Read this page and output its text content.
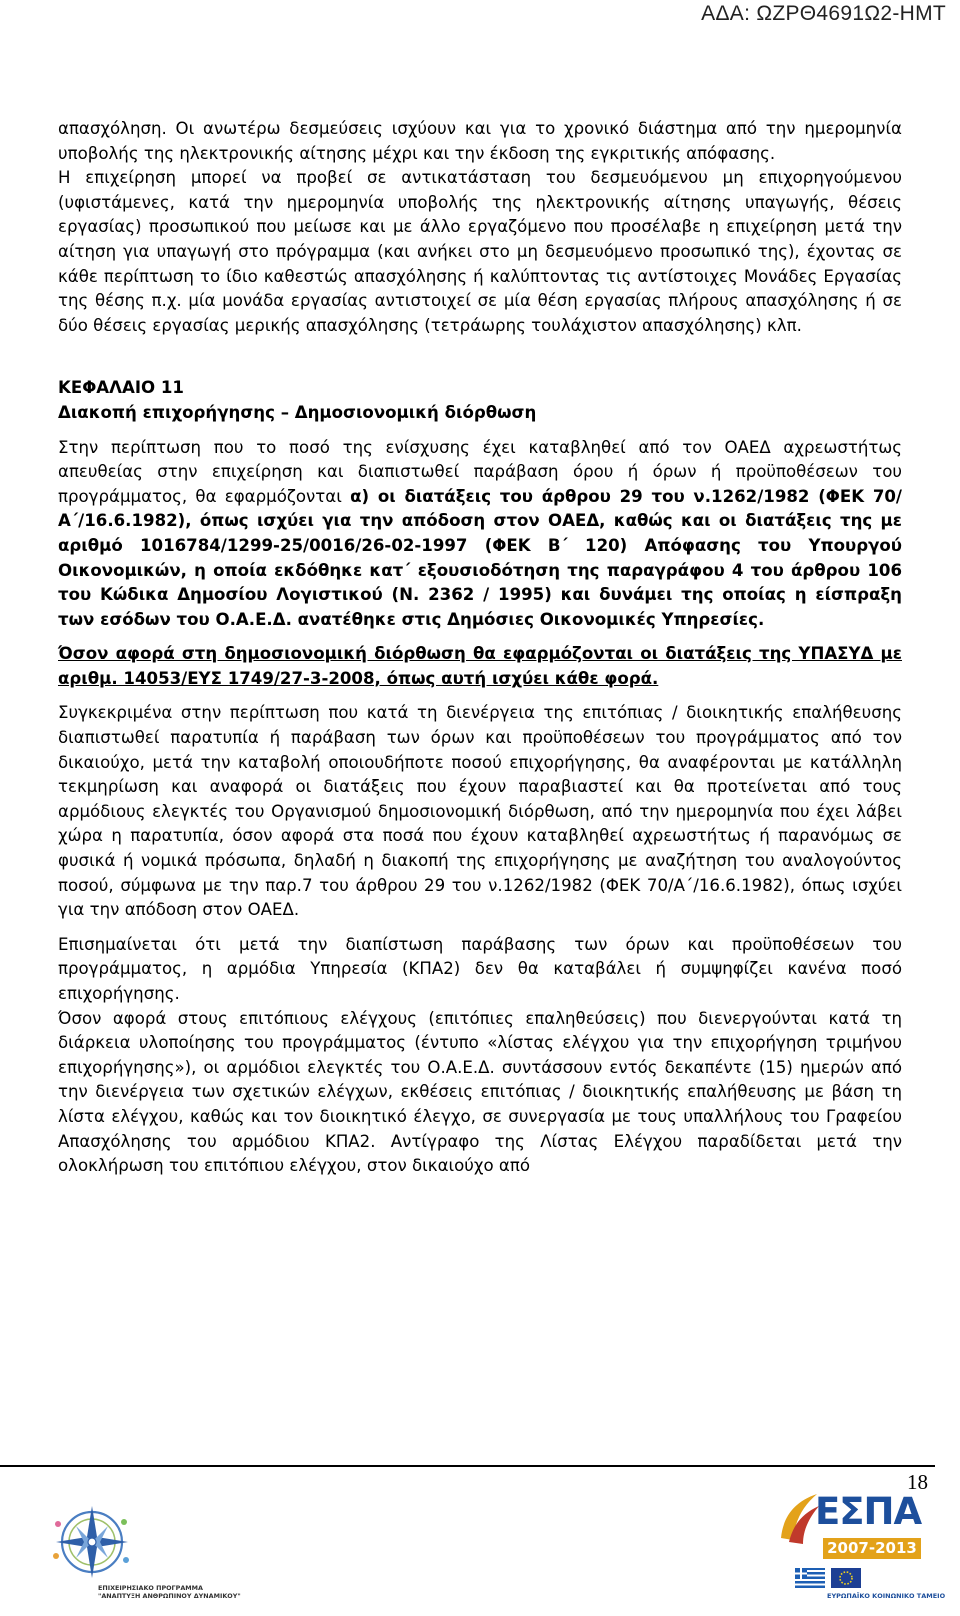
ΑΔΑ: ΩΖΡΘ4691Ω2-ΗΜΤ

απασχόληση. Οι ανωτέρω δεσμεύσεις ισχύουν και για το χρονικό διάστημα από την ημερομηνία υποβολής της ηλεκτρονικής αίτησης μέχρι και την έκδοση της εγκριτικής απόφασης.

Η επιχείρηση μπορεί να προβεί σε αντικατάσταση του δεσμευόμενου μη επιχορηγούμενου (υφιστάμενες, κατά την ημερομηνία υποβολής της ηλεκτρονικής αίτησης υπαγωγής, θέσεις εργασίας) προσωπικού που μείωσε και με άλλο εργαζόμενο που προσέλαβε η επιχείρηση μετά την αίτηση για υπαγωγή στο πρόγραμμα (και ανήκει στο μη δεσμευόμενο προσωπικό της), έχοντας σε κάθε περίπτωση το ίδιο καθεστώς απασχόλησης ή καλύπτοντας τις αντίστοιχες Μονάδες Εργασίας της θέσης π.χ. μία μονάδα εργασίας αντιστοιχεί σε μία θέση εργασίας πλήρους απασχόλησης ή σε δύο θέσεις εργασίας μερικής απασχόλησης (τετράωρης τουλάχιστον απασχόλησης) κλπ.

ΚΕΦΑΛΑΙΟ 11

Διακοπή επιχορήγησης – Δημοσιονομική διόρθωση

Στην περίπτωση που το ποσό της ενίσχυσης έχει καταβληθεί από τον ΟΑΕΔ αχρεωστήτως απευθείας στην επιχείρηση και διαπιστωθεί παράβαση όρου ή όρων ή προϋποθέσεων του προγράμματος, θα εφαρμόζονται α) οι διατάξεις του άρθρου 29 του ν.1262/1982 (ΦΕΚ 70/Α΄/16.6.1982), όπως ισχύει για την απόδοση στον ΟΑΕΔ, καθώς και οι διατάξεις της με αριθμό 1016784/1299-25/0016/26-02-1997 (ΦΕΚ Β΄ 120) Απόφασης του Υπουργού Οικονομικών, η οποία εκδόθηκε κατ΄ εξουσιοδότηση της παραγράφου 4 του άρθρου 106 του Κώδικα Δημοσίου Λογιστικού (Ν. 2362 / 1995) και δυνάμει της οποίας η είσπραξη των εσόδων του Ο.Α.Ε.Δ. ανατέθηκε στις Δημόσιες Οικονομικές Υπηρεσίες.

Όσον αφορά στη δημοσιονομική διόρθωση θα εφαρμόζονται οι διατάξεις της ΥΠΑΣΥΔ με αριθμ. 14053/ΕΥΣ 1749/27-3-2008, όπως αυτή ισχύει κάθε φορά.

Συγκεκριμένα στην περίπτωση που κατά τη διενέργεια της επιτόπιας / διοικητικής επαλήθευσης διαπιστωθεί παρατυπία ή παράβαση των όρων και προϋποθέσεων του προγράμματος από τον δικαιούχο, μετά την καταβολή οποιουδήποτε ποσού επιχορήγησης, θα αναφέρονται με κατάλληλη τεκμηρίωση και αναφορά οι διατάξεις που έχουν παραβιαστεί και θα προτείνεται από τους αρμόδιους ελεγκτές του Οργανισμού δημοσιονομική διόρθωση, από την ημερομηνία που έχει λάβει χώρα η παρατυπία, όσον αφορά στα ποσά που έχουν καταβληθεί αχρεωστήτως ή παρανόμως σε φυσικά ή νομικά πρόσωπα, δηλαδή η διακοπή της επιχορήγησης με αναζήτηση του αναλογούντος ποσού, σύμφωνα με την παρ.7 του άρθρου 29 του ν.1262/1982 (ΦΕΚ 70/Α΄/16.6.1982), όπως ισχύει για την απόδοση στον ΟΑΕΔ.

Επισημαίνεται ότι μετά την διαπίστωση παράβασης των όρων και προϋποθέσεων του προγράμματος, η αρμόδια Υπηρεσία (ΚΠΑ2) δεν θα καταβάλει ή συμψηφίζει κανένα ποσό επιχορήγησης.

Όσον αφορά στους επιτόπιους ελέγχους (επιτόπιες επαληθεύσεις) που διενεργούνται κατά τη διάρκεια υλοποίησης του προγράμματος (έντυπο «λίστας ελέγχου για την επιχορήγηση τριμήνου επιχορήγησης»), οι αρμόδιοι ελεγκτές του Ο.Α.Ε.Δ. συντάσσουν εντός δεκαπέντε (15) ημερών από την διενέργεια των σχετικών ελέγχων, εκθέσεις επιτόπιας / διοικητικής επαλήθευσης με βάση τη λίστα ελέγχου, καθώς και τον διοικητικό έλεγχο, σε συνεργασία με τους υπαλλήλους του Γραφείου Απασχόλησης του αρμόδιου ΚΠΑ2. Αντίγραφο της Λίστας Ελέγχου παραδίδεται μετά την ολοκλήρωση του επιτόπιου ελέγχου, στον δικαιούχο από

18
ΕΠΙΧΕΙΡΗΣΙΑΚΟ ΠΡΟΓΡΑΜΜΑ
"ΑΝΑΠΤΥΞΗ ΑΝΘΡΩΠΙΝΟΥ ΔΥΝΑΜΙΚΟΥ"
ΕΣΠΑ
2007-2013
ΕΥΡΩΠΑΪΚΟ ΚΟΙΝΩΝΙΚΟ ΤΑΜΕΙΟ
